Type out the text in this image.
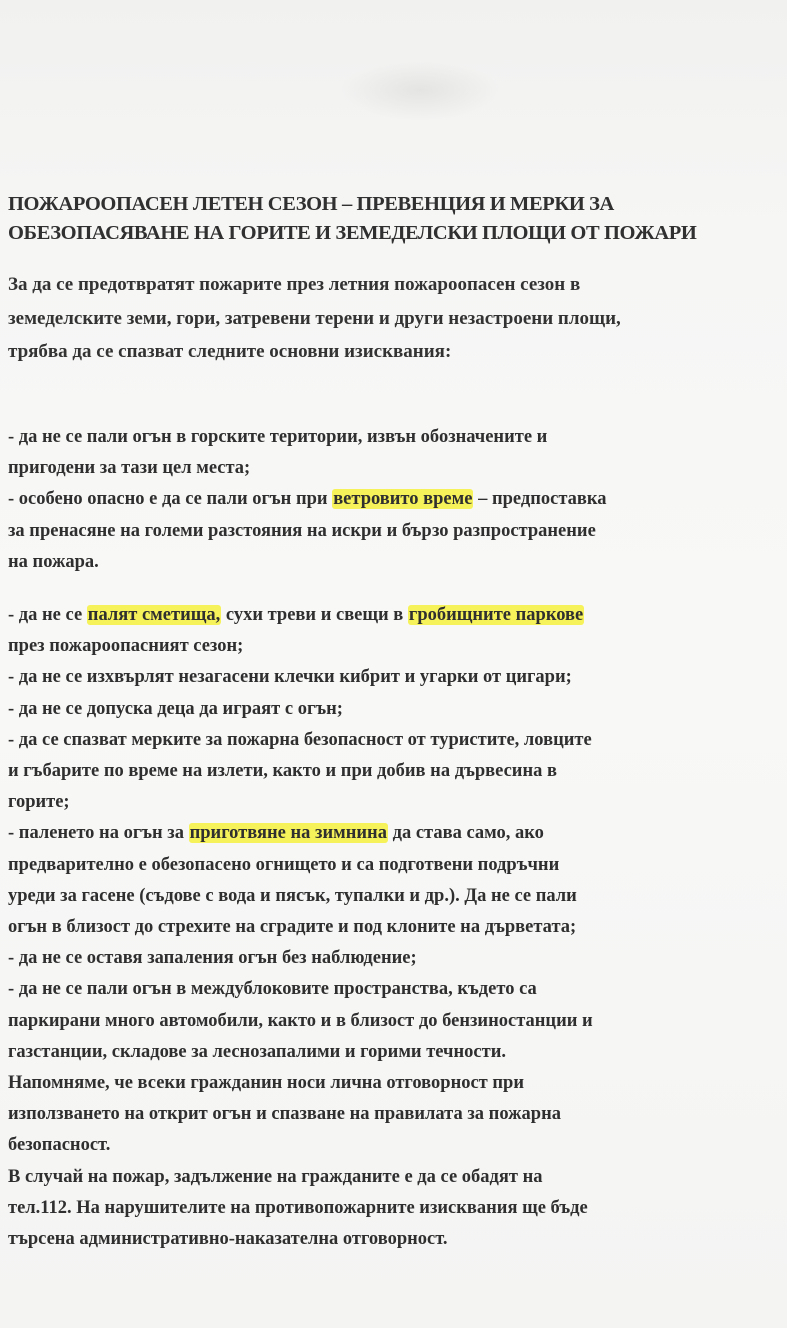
ПОЖАРООПАСЕН ЛЕТЕН СЕЗОН – ПРЕВЕНЦИЯ И МЕРКИ ЗА
ОБЕЗОПАСЯВАНЕ НА ГОРИТЕ И ЗЕМЕДЕЛСКИ ПЛОЩИ ОТ ПОЖАРИ
За да се предотвратят пожарите през летния пожароопасен сезон в
земеделските земи, гори, затревени терени и други незастроени площи,
трябва да се спазват следните основни изисквания:
- да не се пали огън в горските територии, извън обозначените и
пригодени за тази цел места;
- особено опасно е да се пали огън при ветровито време – предпоставка
за пренасяне на големи разстояния на искри и бързо разпространение
на пожара.
- да не се палят сметища, сухи треви и свещи в гробищните паркове
през пожароопасният сезон;
- да не се изхвърлят незагасени клечки кибрит и угарки от цигари;
- да не се допуска деца да играят с огън;
- да се спазват мерките за пожарна безопасност от туристите, ловците
и гъбарите по време на излети, както и при добив на дървесина в
горите;
- паленето на огън за приготвяне на зимнина да става само, ако
предварително е обезопасено огнището и са подготвени подръчни
уреди за гасене (съдове с вода и пясък, тупалки и др.). Да не се пали
огън в близост до стрехите на сградите и под клоните на дърветата;
- да не се оставя запаления огън без наблюдение;
- да не се пали огън в междублоковите пространства, където са
паркирани много автомобили, както и в близост до бензиностанции и
газстанции, складове за леснозапалими и горими течности.
Напомняме, че всеки гражданин носи лична отговорност при
използването на открит огън и спазване на правилата за пожарна
безопасност.
В случай на пожар, задължение на гражданите е да се обадят на
тел.112. На нарушителите на противопожарните изисквания ще бъде
търсена административно-наказателна отговорност.
